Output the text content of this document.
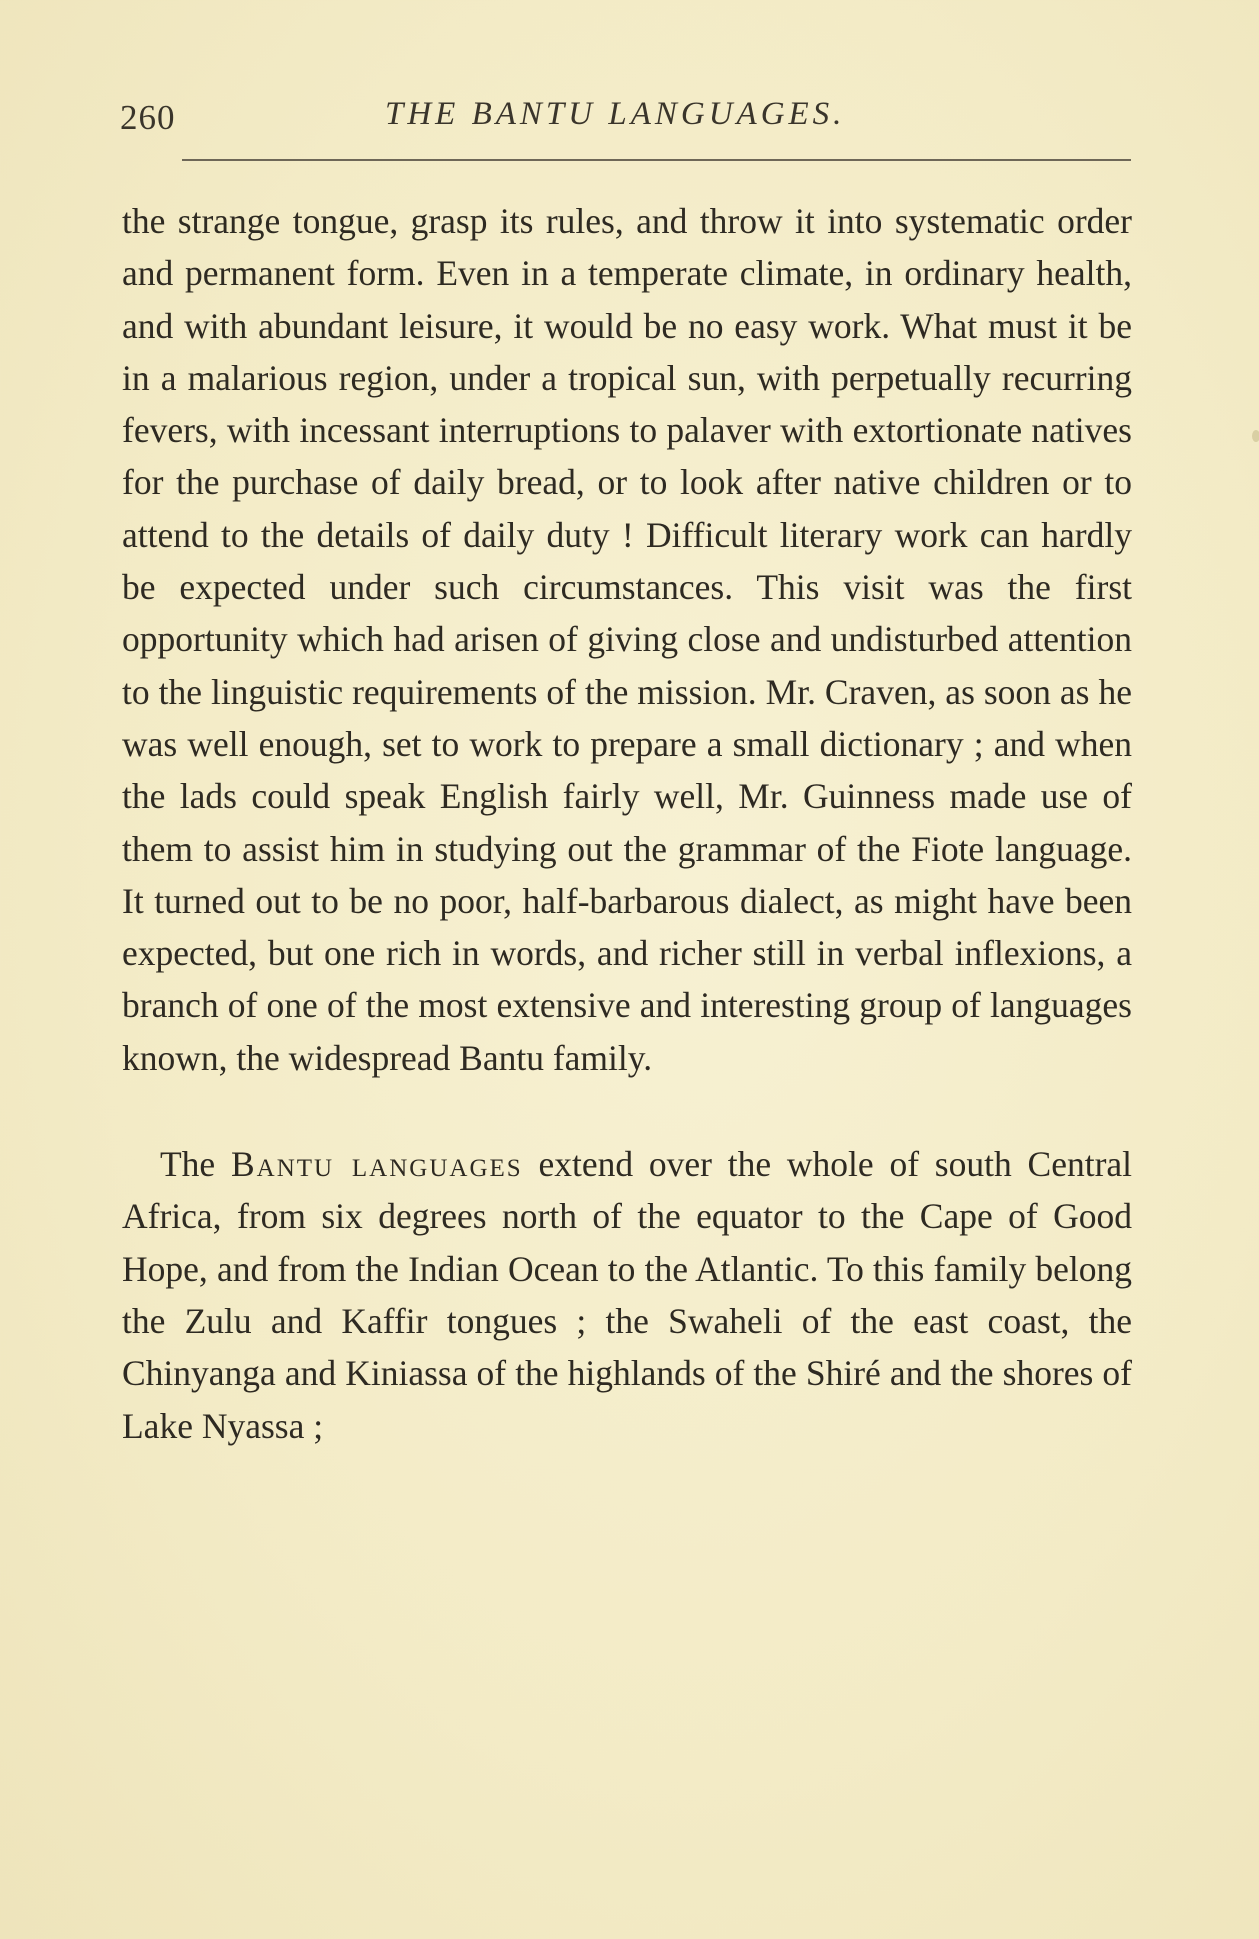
260	THE BANTU LANGUAGES.

the strange tongue, grasp its rules, and throw it into systematic order and permanent form. Even in a temperate climate, in ordinary health, and with abundant leisure, it would be no easy work. What must it be in a malarious region, under a tropical sun, with perpetually recurring fevers, with incessant interruptions to palaver with extortionate natives for the purchase of daily bread, or to look after native children or to attend to the details of daily duty ! Difficult literary work can hardly be expected under such circumstances. This visit was the first opportunity which had arisen of giving close and undisturbed attention to the linguistic requirements of the mission. Mr. Craven, as soon as he was well enough, set to work to prepare a small dictionary ; and when the lads could speak English fairly well, Mr. Guinness made use of them to assist him in studying out the grammar of the Fiote language. It turned out to be no poor, half-barbarous dialect, as might have been expected, but one rich in words, and richer still in verbal inflexions, a branch of one of the most extensive and interesting group of languages known, the widespread Bantu family.

The Bantu languages extend over the whole of south Central Africa, from six degrees north of the equator to the Cape of Good Hope, and from the Indian Ocean to the Atlantic. To this family belong the Zulu and Kaffir tongues ; the Swaheli of the east coast, the Chinyanga and Kiniassa of the highlands of the Shiré and the shores of Lake Nyassa ;
